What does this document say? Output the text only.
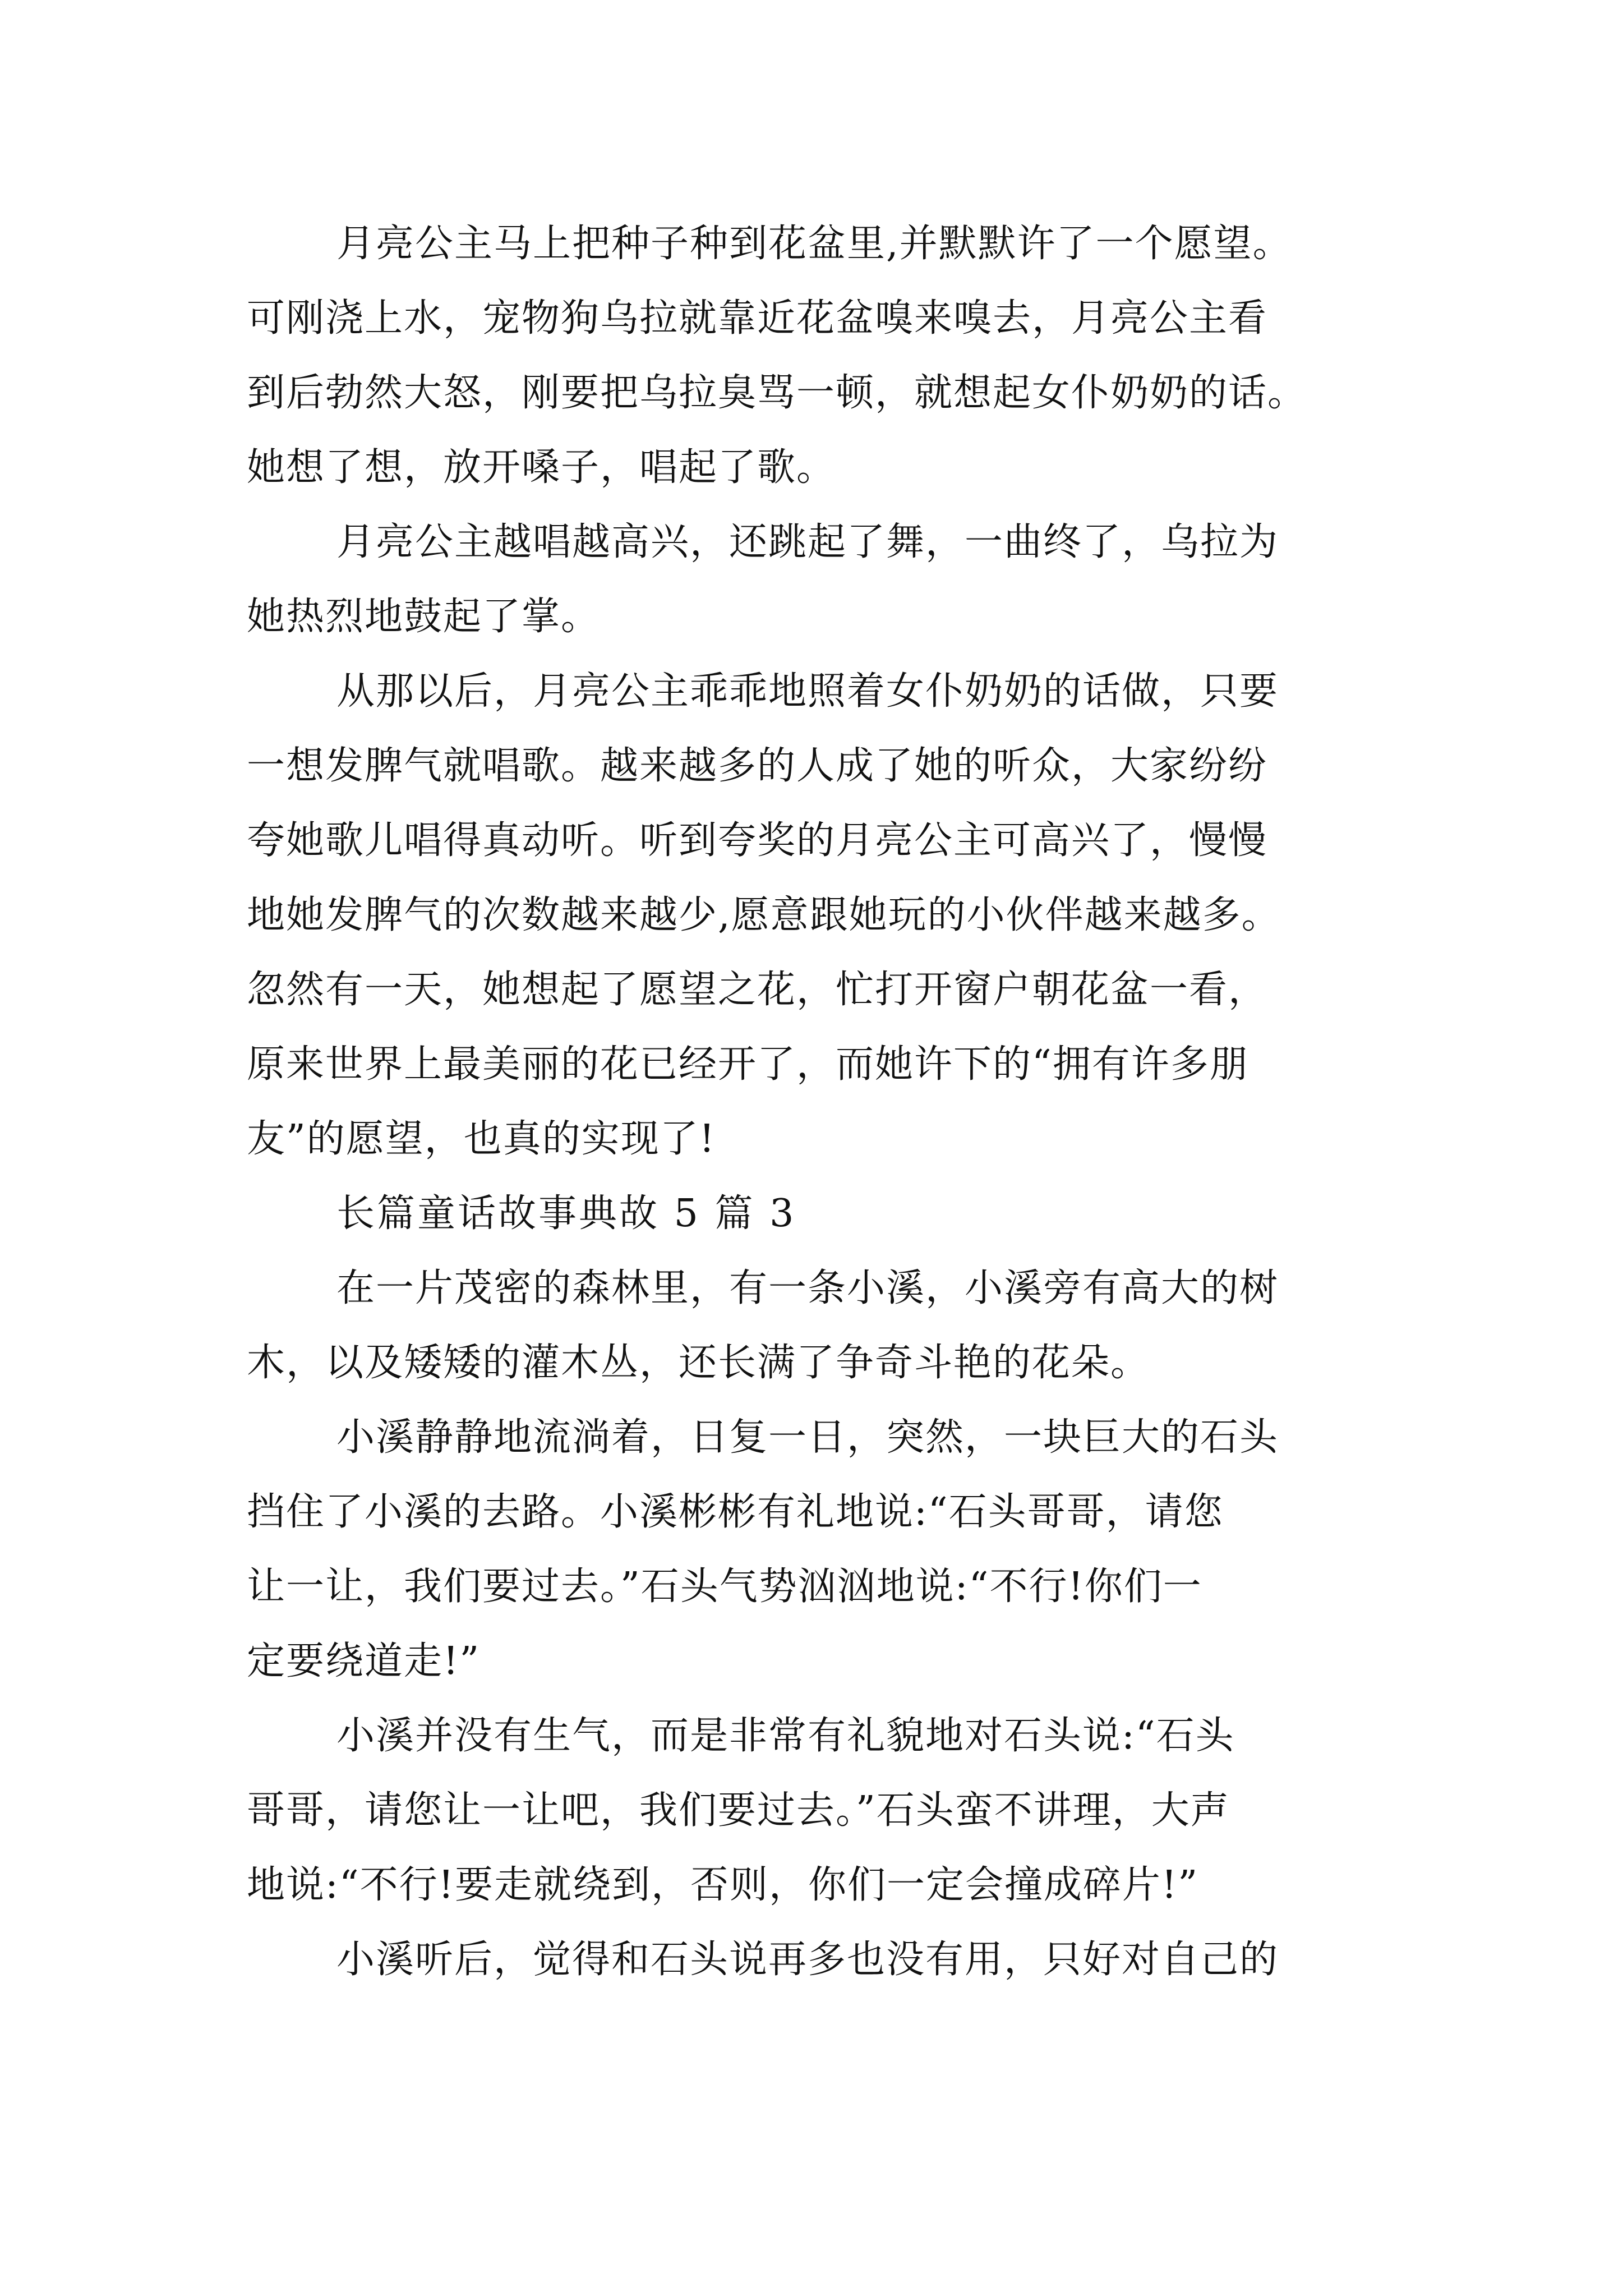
月亮公主马上把种子种到花盆里,并默默许了一个愿望。
可刚浇上水，宠物狗乌拉就靠近花盆嗅来嗅去，月亮公主看
到后勃然大怒，刚要把乌拉臭骂一顿，就想起女仆奶奶的话。
她想了想，放开嗓子，唱起了歌。
月亮公主越唱越高兴，还跳起了舞，一曲终了，乌拉为
她热烈地鼓起了掌。
从那以后，月亮公主乖乖地照着女仆奶奶的话做，只要
一想发脾气就唱歌。越来越多的人成了她的听众，大家纷纷
夸她歌儿唱得真动听。听到夸奖的月亮公主可高兴了，慢慢
地她发脾气的次数越来越少,愿意跟她玩的小伙伴越来越多。
忽然有一天，她想起了愿望之花，忙打开窗户朝花盆一看，
原来世界上最美丽的花已经开了，而她许下的“拥有许多朋
友”的愿望，也真的实现了!
长篇童话故事典故 5 篇 3
在一片茂密的森林里，有一条小溪，小溪旁有高大的树
木，以及矮矮的灌木丛，还长满了争奇斗艳的花朵。
小溪静静地流淌着，日复一日，突然，一块巨大的石头
挡住了小溪的去路。小溪彬彬有礼地说:“石头哥哥，请您
让一让，我们要过去。”石头气势汹汹地说:“不行!你们一
定要绕道走!”
小溪并没有生气，而是非常有礼貌地对石头说:“石头
哥哥，请您让一让吧，我们要过去。”石头蛮不讲理，大声
地说:“不行!要走就绕到，否则，你们一定会撞成碎片!”
小溪听后，觉得和石头说再多也没有用，只好对自己的
